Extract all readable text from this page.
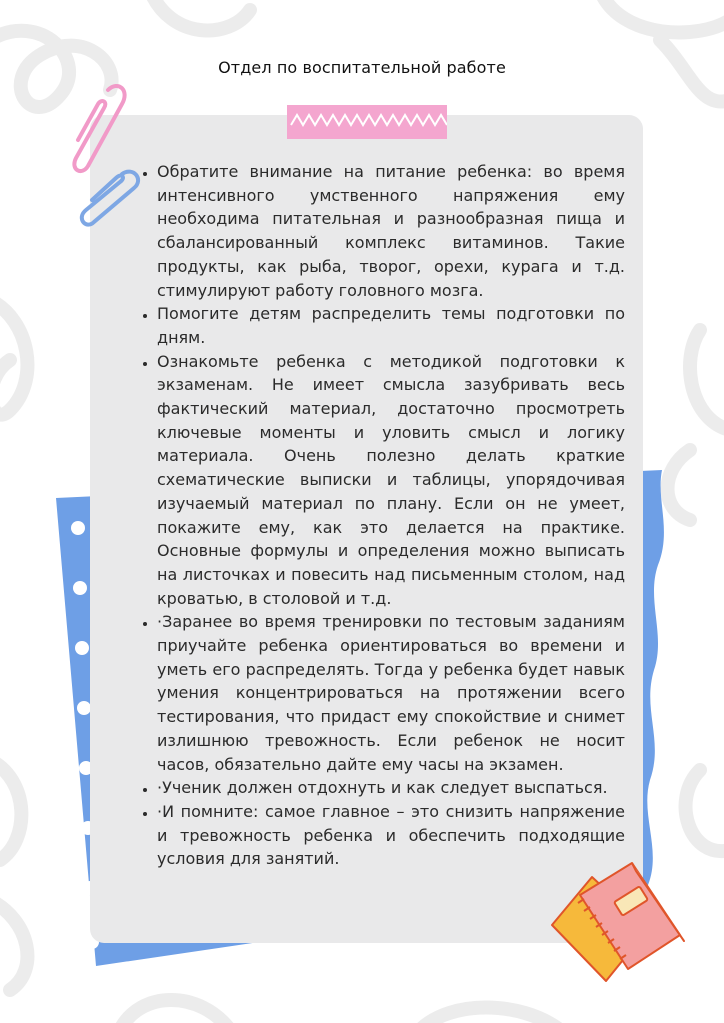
Отдел по воспитательной работе
• Обратите внимание на питание ребенка: во время интенсивного умственного напряжения ему необходима питательная и разнообразная пища и сбалансированный комплекс витаминов. Такие продукты, как рыба, творог, орехи, курага и т.д. стимулируют работу головного мозга.
• Помогите детям распределить темы подготовки по дням.
• Ознакомьте ребенка с методикой подготовки к экзаменам. Не имеет смысла зазубривать весь фактический материал, достаточно просмотреть ключевые моменты и уловить смысл и логику материала. Очень полезно делать краткие схематические выписки и таблицы, упорядочивая изучаемый материал по плану. Если он не умеет, покажите ему, как это делается на практике. Основные формулы и определения можно выписать на листочках и повесить над письменным столом, над кроватью, в столовой и т.д.
• ·Заранее во время тренировки по тестовым заданиям приучайте ребенка ориентироваться во времени и уметь его распределять. Тогда у ребенка будет навык умения концентрироваться на протяжении всего тестирования, что придаст ему спокойствие и снимет излишнюю тревожность. Если ребенок не носит часов, обязательно дайте ему часы на экзамен.
• ·Ученик должен отдохнуть и как следует выспаться.
• ·И помните: самое главное – это снизить напряжение и тревожность ребенка и обеспечить подходящие условия для занятий.
